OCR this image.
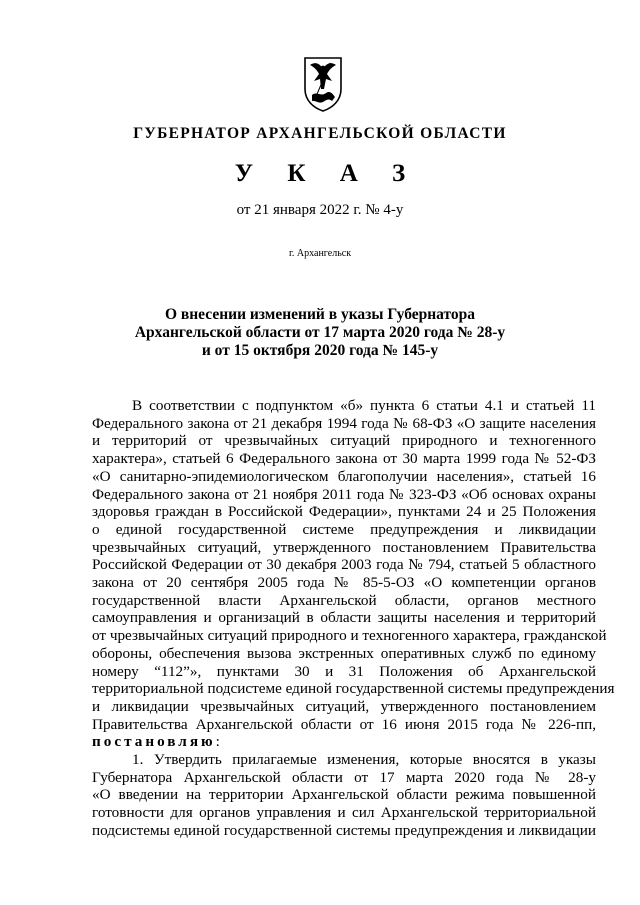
ГУБЕРНАТОР АРХАНГЕЛЬСКОЙ ОБЛАСТИ
У К А З
от 21 января 2022 г. № 4-у
г. Архангельск
О внесении изменений в указы Губернатора
Архангельской области от 17 марта 2020 года № 28-у
и от 15 октября 2020 года № 145-у
В соответствии с подпунктом «б» пункта 6 статьи 4.1 и статьей 11
Федерального закона от 21 декабря 1994 года № 68-ФЗ «О защите населения
и территорий от чрезвычайных ситуаций природного и техногенного
характера», статьей 6 Федерального закона от 30 марта 1999 года № 52-ФЗ
«О санитарно-эпидемиологическом благополучии населения», статьей 16
Федерального закона от 21 ноября 2011 года № 323-ФЗ «Об основах охраны
здоровья граждан в Российской Федерации», пунктами 24 и 25 Положения
о единой государственной системе предупреждения и ликвидации
чрезвычайных ситуаций, утвержденного постановлением Правительства
Российской Федерации от 30 декабря 2003 года № 794, статьей 5 областного
закона от 20 сентября 2005 года № 85-5-ОЗ «О компетенции органов
государственной власти Архангельской области, органов местного
самоуправления и организаций в области защиты населения и территорий
от чрезвычайных ситуаций природного и техногенного характера, гражданской
обороны, обеспечения вызова экстренных оперативных служб по единому
номеру “112”», пунктами 30 и 31 Положения об Архангельской
территориальной подсистеме единой государственной системы предупреждения
и ликвидации чрезвычайных ситуаций, утвержденного постановлением
Правительства Архангельской области от 16 июня 2015 года № 226-пп,
постановляю:
1. Утвердить прилагаемые изменения, которые вносятся в указы
Губернатора Архангельской области от 17 марта 2020 года № 28-у
«О введении на территории Архангельской области режима повышенной
готовности для органов управления и сил Архангельской территориальной
подсистемы единой государственной системы предупреждения и ликвидации
